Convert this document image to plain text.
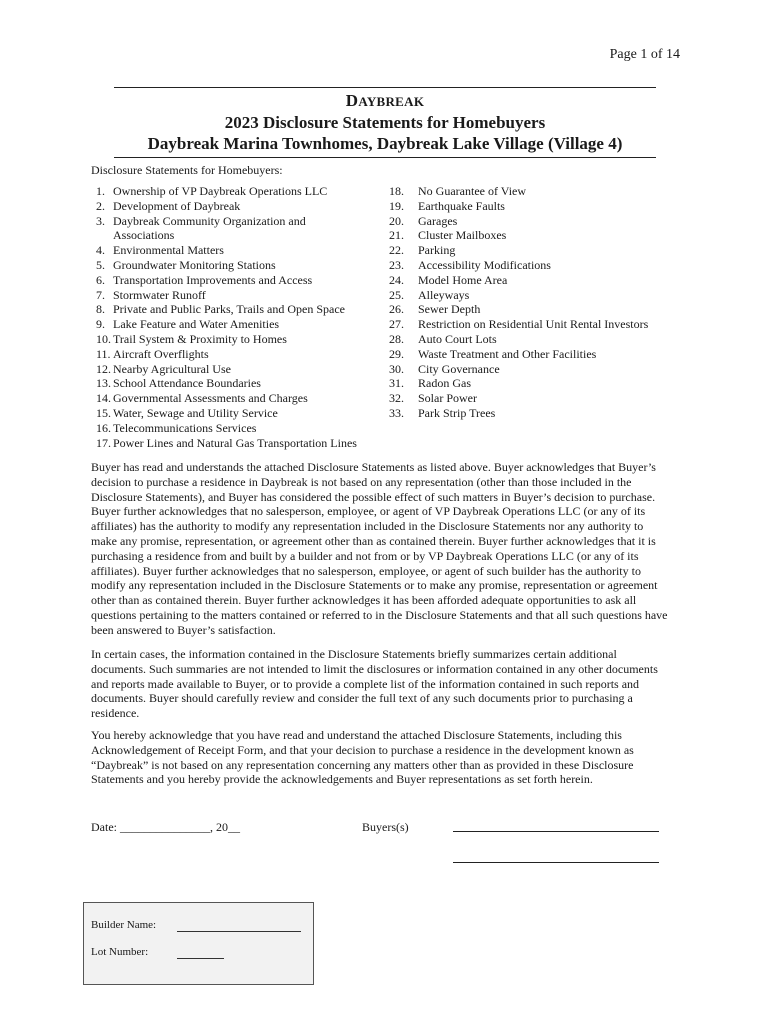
Page 1 of 14
DAYBREAK
2023 Disclosure Statements for Homebuyers
Daybreak Marina Townhomes, Daybreak Lake Village (Village 4)
Disclosure Statements for Homebuyers:
1. Ownership of VP Daybreak Operations LLC
2. Development of Daybreak
3. Daybreak Community Organization and
Associations
4. Environmental Matters
5. Groundwater Monitoring Stations
6. Transportation Improvements and Access
7. Stormwater Runoff
8. Private and Public Parks, Trails and Open Space
9. Lake Feature and Water Amenities
10. Trail System & Proximity to Homes
11. Aircraft Overflights
12. Nearby Agricultural Use
13. School Attendance Boundaries
14. Governmental Assessments and Charges
15. Water, Sewage and Utility Service
16. Telecommunications Services
17. Power Lines and Natural Gas Transportation Lines
18. No Guarantee of View
19. Earthquake Faults
20. Garages
21. Cluster Mailboxes
22. Parking
23. Accessibility Modifications
24. Model Home Area
25. Alleyways
26. Sewer Depth
27. Restriction on Residential Unit Rental Investors
28. Auto Court Lots
29. Waste Treatment and Other Facilities
30. City Governance
31. Radon Gas
32. Solar Power
33. Park Strip Trees

Buyer has read and understands the attached Disclosure Statements as listed above. Buyer acknowledges that Buyer’s decision to purchase a residence in Daybreak is not based on any representation (other than those included in the Disclosure Statements), and Buyer has considered the possible effect of such matters in Buyer’s decision to purchase. Buyer further acknowledges that no salesperson, employee, or agent of VP Daybreak Operations LLC (or any of its affiliates) has the authority to modify any representation included in the Disclosure Statements nor any authority to make any promise, representation, or agreement other than as contained therein. Buyer further acknowledges that it is purchasing a residence from and built by a builder and not from or by VP Daybreak Operations LLC (or any of its affiliates). Buyer further acknowledges that no salesperson, employee, or agent of such builder has the authority to modify any representation included in the Disclosure Statements or to make any promise, representation or agreement other than as contained therein. Buyer further acknowledges it has been afforded adequate opportunities to ask all questions pertaining to the matters contained or referred to in the Disclosure Statements and that all such questions have been answered to Buyer’s satisfaction.

In certain cases, the information contained in the Disclosure Statements briefly summarizes certain additional documents. Such summaries are not intended to limit the disclosures or information contained in any other documents and reports made available to Buyer, or to provide a complete list of the information contained in such reports and documents. Buyer should carefully review and consider the full text of any such documents prior to purchasing a residence.

You hereby acknowledge that you have read and understand the attached Disclosure Statements, including this Acknowledgement of Receipt Form, and that your decision to purchase a residence in the development known as “Daybreak” is not based on any representation concerning any matters other than as provided in these Disclosure Statements and you hereby provide the acknowledgements and Buyer representations as set forth herein.

Date: _______________, 20__	Buyers(s)
Builder Name:
Lot Number:
